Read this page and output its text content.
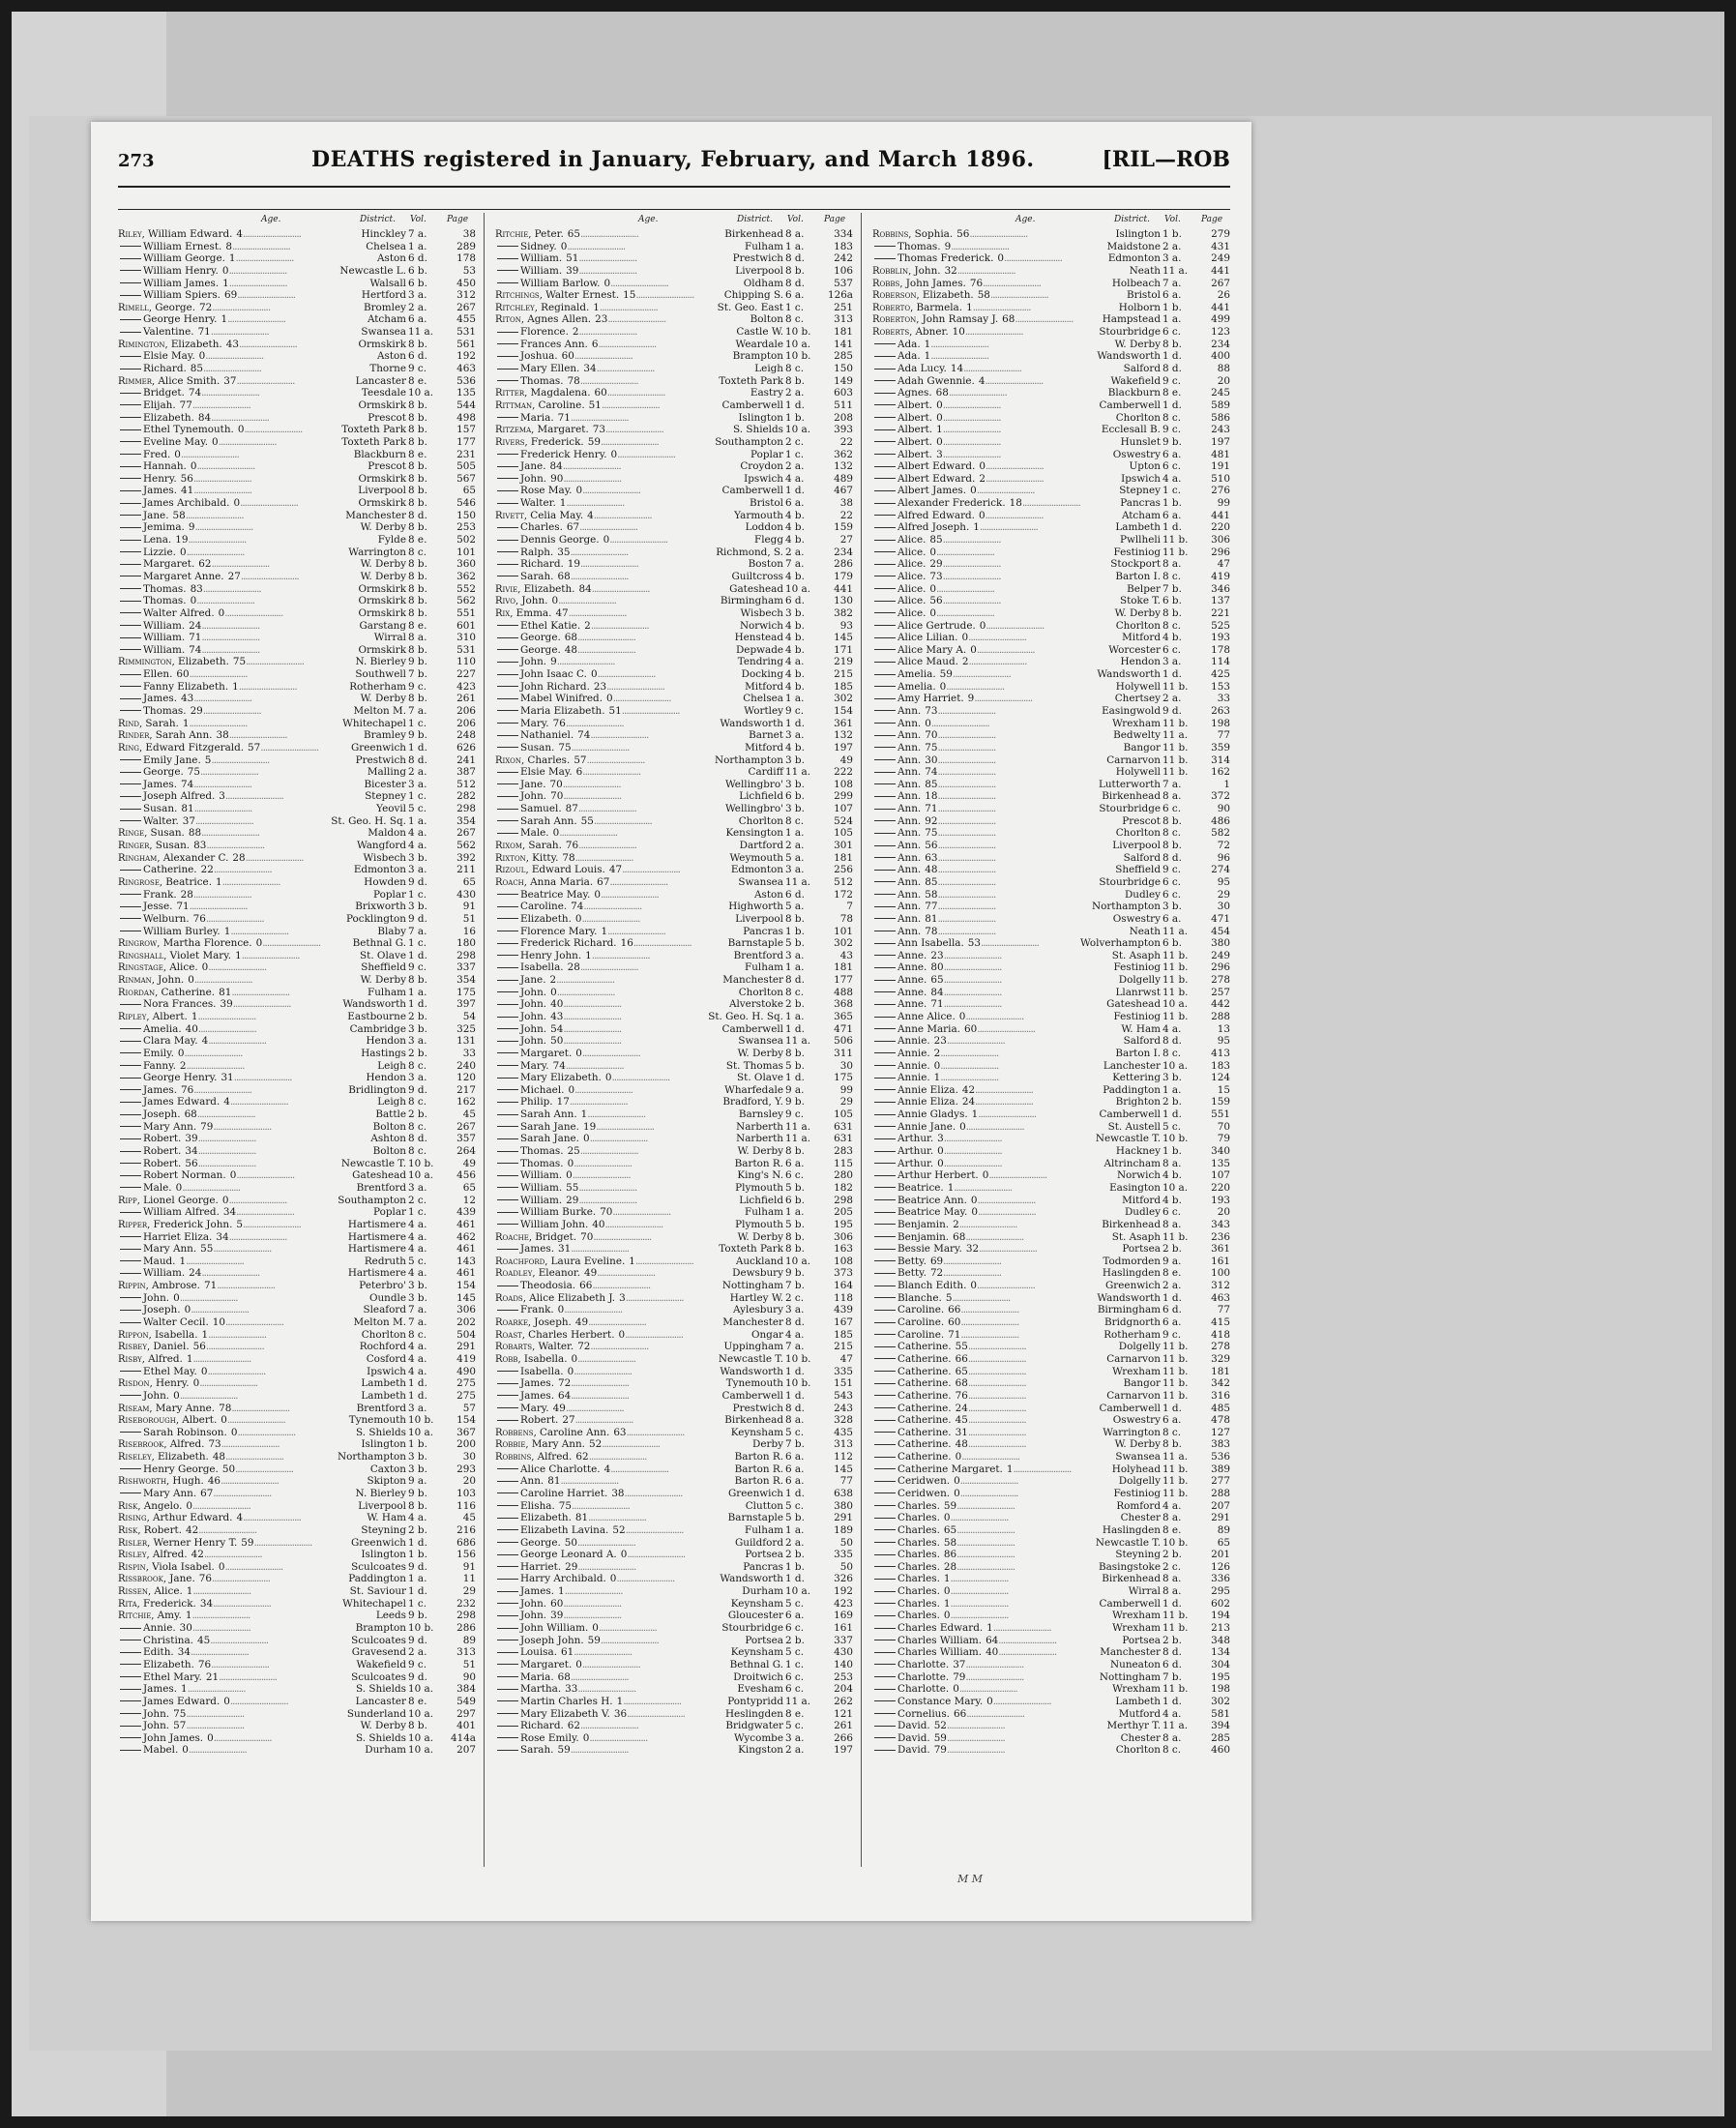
273	DEATHS registered in January, February, and March 1896.	[RIL—ROB
Age.	District. Vol. Page
Riley, William Edward. 4..........................	Hinckley 7 a.	38
William Ernest. 8..........................	Chelsea 1 a.	289
William George. 1..........................	Aston 6 d.	178
William Henry. 0..........................	Newcastle L. 6 b.	53
William James. 1..........................	Walsall 6 b.	450
William Spiers. 69..........................	Hertford 3 a.	312
Rimell, George. 72..........................	Bromley 2 a.	267
George Henry. 1..........................	Atcham 6 a.	455
Valentine. 71..........................	Swansea 11 a.	531
Rimington, Elizabeth. 43..........................	Ormskirk 8 b.	561
Elsie May. 0..........................	Aston 6 d.	192
Richard. 85..........................	Thorne 9 c.	463
Rimmer, Alice Smith. 37..........................	Lancaster 8 e.	536
Bridget. 74..........................	Teesdale 10 a.	135
Elijah. 77..........................	Ormskirk 8 b.	544
Elizabeth. 84..........................	Prescot 8 b.	498
Ethel Tynemouth. 0..........................	Toxteth Park 8 b.	157
Eveline May. 0..........................	Toxteth Park 8 b.	177
Fred. 0..........................	Blackburn 8 e.	231
Hannah. 0..........................	Prescot 8 b.	505
Henry. 56..........................	Ormskirk 8 b.	567
James. 41..........................	Liverpool 8 b.	65
James Archibald. 0..........................	Ormskirk 8 b.	546
Jane. 58..........................	Manchester 8 d.	150
Jemima. 9..........................	W. Derby 8 b.	253
Lena. 19..........................	Fylde 8 e.	502
Lizzie. 0..........................	Warrington 8 c.	101
Margaret. 62..........................	W. Derby 8 b.	360
Margaret Anne. 27..........................	W. Derby 8 b.	362
Thomas. 83..........................	Ormskirk 8 b.	552
Thomas. 0..........................	Ormskirk 8 b.	562
Walter Alfred. 0..........................	Ormskirk 8 b.	551
William. 24..........................	Garstang 8 e.	601
William. 71..........................	Wirral 8 a.	310
William. 74..........................	Ormskirk 8 b.	531
Rimmington, Elizabeth. 75..........................	N. Bierley 9 b.	110
Ellen. 60..........................	Southwell 7 b.	227
Fanny Elizabeth. 1..........................	Rotherham 9 c.	423
James. 43..........................	W. Derby 8 b.	261
Thomas. 29..........................	Melton M. 7 a.	206
Rind, Sarah. 1..........................	Whitechapel 1 c.	206
Rinder, Sarah Ann. 38..........................	Bramley 9 b.	248
Ring, Edward Fitzgerald. 57..........................	Greenwich 1 d.	626
Emily Jane. 5..........................	Prestwich 8 d.	241
George. 75..........................	Malling 2 a.	387
James. 74..........................	Bicester 3 a.	512
Joseph Alfred. 3..........................	Stepney 1 c.	282
Susan. 81..........................	Yeovil 5 c.	298
Walter. 37..........................	St. Geo. H. Sq. 1 a.	354
Ringe, Susan. 88..........................	Maldon 4 a.	267
Ringer, Susan. 83..........................	Wangford 4 a.	562
Ringham, Alexander C. 28..........................	Wisbech 3 b.	392
Catherine. 22..........................	Edmonton 3 a.	211
Ringrose, Beatrice. 1..........................	Howden 9 d.	65
Frank. 28..........................	Poplar 1 c.	430
Jesse. 71..........................	Brixworth 3 b.	91
Welburn. 76..........................	Pocklington 9 d.	51
William Burley. 1..........................	Blaby 7 a.	16
Ringrow, Martha Florence. 0..........................	Bethnal G. 1 c.	180
Ringshall, Violet Mary. 1..........................	St. Olave 1 d.	298
Ringstage, Alice. 0..........................	Sheffield 9 c.	337
Rinman, John. 0..........................	W. Derby 8 b.	354
Riordan, Catherine. 81..........................	Fulham 1 a.	175
Nora Frances. 39..........................	Wandsworth 1 d.	397
Ripley, Albert. 1..........................	Eastbourne 2 b.	54
Amelia. 40..........................	Cambridge 3 b.	325
Clara May. 4..........................	Hendon 3 a.	131
Emily. 0..........................	Hastings 2 b.	33
Fanny. 2..........................	Leigh 8 c.	240
George Henry. 31..........................	Hendon 3 a.	120
James. 76..........................	Bridlington 9 d.	217
James Edward. 4..........................	Leigh 8 c.	162
Joseph. 68..........................	Battle 2 b.	45
Mary Ann. 79..........................	Bolton 8 c.	267
Robert. 39..........................	Ashton 8 d.	357
Robert. 34..........................	Bolton 8 c.	264
Robert. 56..........................	Newcastle T. 10 b.	49
Robert Norman. 0..........................	Gateshead 10 a.	456
Male. 0..........................	Brentford 3 a.	65
Ripp, Lionel George. 0..........................	Southampton 2 c.	12
William Alfred. 34..........................	Poplar 1 c.	439
Ripper, Frederick John. 5..........................	Hartismere 4 a.	461
Harriet Eliza. 34..........................	Hartismere 4 a.	462
Mary Ann. 55..........................	Hartismere 4 a.	461
Maud. 1..........................	Redruth 5 c.	143
William. 24..........................	Hartismere 4 a.	461
Rippin, Ambrose. 71..........................	Peterbro' 3 b.	154
John. 0..........................	Oundle 3 b.	145
Joseph. 0..........................	Sleaford 7 a.	306
Walter Cecil. 10..........................	Melton M. 7 a.	202
Rippon, Isabella. 1..........................	Chorlton 8 c.	504
Risbey, Daniel. 56..........................	Rochford 4 a.	291
Risby, Alfred. 1..........................	Cosford 4 a.	419
Ethel May. 0..........................	Ipswich 4 a.	490
Risdon, Henry. 0..........................	Lambeth 1 d.	275
John. 0..........................	Lambeth 1 d.	275
Riseam, Mary Anne. 78..........................	Brentford 3 a.	57
Riseborough, Albert. 0..........................	Tynemouth 10 b.	154
Sarah Robinson. 0..........................	S. Shields 10 a.	367
Risebrook, Alfred. 73..........................	Islington 1 b.	200
Riseley, Elizabeth. 48..........................	Northampton 3 b.	30
Henry George. 50..........................	Caxton 3 b.	293
Rishworth, Hugh. 46..........................	Skipton 9 a.	20
Mary Ann. 67..........................	N. Bierley 9 b.	103
Risk, Angelo. 0..........................	Liverpool 8 b.	116
Rising, Arthur Edward. 4..........................	W. Ham 4 a.	45
Risk, Robert. 42..........................	Steyning 2 b.	216
Risler, Werner Henry T. 59..........................	Greenwich 1 d.	686
Risley, Alfred. 42..........................	Islington 1 b.	156
Rispin, Viola Isabel. 0..........................	Sculcoates 9 d.	91
Rissbrook, Jane. 76..........................	Paddington 1 a.	11
Rissen, Alice. 1..........................	St. Saviour 1 d.	29
Rita, Frederick. 34..........................	Whitechapel 1 c.	232
Ritchie, Amy. 1..........................	Leeds 9 b.	298
Annie. 30..........................	Brampton 10 b.	286
Christina. 45..........................	Sculcoates 9 d.	89
Edith. 34..........................	Gravesend 2 a.	313
Elizabeth. 76..........................	Wakefield 9 c.	51
Ethel Mary. 21..........................	Sculcoates 9 d.	90
James. 1..........................	S. Shields 10 a.	384
James Edward. 0..........................	Lancaster 8 e.	549
John. 75..........................	Sunderland 10 a.	297
John. 57..........................	W. Derby 8 b.	401
John James. 0..........................	S. Shields 10 a.	414a
Mabel. 0..........................	Durham 10 a.	207
Age.	District. Vol. Page
Ritchie, Peter. 65..........................	Birkenhead 8 a.	334
Sidney. 0..........................	Fulham 1 a.	183
William. 51..........................	Prestwich 8 d.	242
William. 39..........................	Liverpool 8 b.	106
William Barlow. 0..........................	Oldham 8 d.	537
Ritchings, Walter Ernest. 15..........................	Chipping S. 6 a.	126a
Ritchley, Reginald. 1..........................	St. Geo. East 1 c.	251
Riton, Agnes Allen. 23..........................	Bolton 8 c.	313
Florence. 2..........................	Castle W. 10 b.	181
Frances Ann. 6..........................	Weardale 10 a.	141
Joshua. 60..........................	Brampton 10 b.	285
Mary Ellen. 34..........................	Leigh 8 c.	150
Thomas. 78..........................	Toxteth Park 8 b.	149
Ritter, Magdalena. 60..........................	Eastry 2 a.	603
Rittman, Caroline. 51..........................	Camberwell 1 d.	511
Maria. 71..........................	Islington 1 b.	208
Ritzema, Margaret. 73..........................	S. Shields 10 a.	393
Rivers, Frederick. 59..........................	Southampton 2 c.	22
Frederick Henry. 0..........................	Poplar 1 c.	362
Jane. 84..........................	Croydon 2 a.	132
John. 90..........................	Ipswich 4 a.	489
Rose May. 0..........................	Camberwell 1 d.	467
Walter. 1..........................	Bristol 6 a.	38
Rivett, Celia May. 4..........................	Yarmouth 4 b.	22
Charles. 67..........................	Loddon 4 b.	159
Dennis George. 0..........................	Flegg 4 b.	27
Ralph. 35..........................	Richmond, S. 2 a.	234
Richard. 19..........................	Boston 7 a.	286
Sarah. 68..........................	Guiltcross 4 b.	179
Rivie, Elizabeth. 84..........................	Gateshead 10 a.	441
Rivo, John. 0..........................	Birmingham 6 d.	130
Rix, Emma. 47..........................	Wisbech 3 b.	382
Ethel Katie. 2..........................	Norwich 4 b.	93
George. 68..........................	Henstead 4 b.	145
George. 48..........................	Depwade 4 b.	171
John. 9..........................	Tendring 4 a.	219
John Isaac C. 0..........................	Docking 4 b.	215
John Richard. 23..........................	Mitford 4 b.	185
Mabel Winifred. 0..........................	Chelsea 1 a.	302
Maria Elizabeth. 51..........................	Wortley 9 c.	154
Mary. 76..........................	Wandsworth 1 d.	361
Nathaniel. 74..........................	Barnet 3 a.	132
Susan. 75..........................	Mitford 4 b.	197
Rixon, Charles. 57..........................	Northampton 3 b.	49
Elsie May. 6..........................	Cardiff 11 a.	222
Jane. 70..........................	Wellingbro' 3 b.	108
John. 70..........................	Lichfield 6 b.	299
Samuel. 87..........................	Wellingbro' 3 b.	107
Sarah Ann. 55..........................	Chorlton 8 c.	524
Male. 0..........................	Kensington 1 a.	105
Rixom, Sarah. 76..........................	Dartford 2 a.	301
Rixton, Kitty. 78..........................	Weymouth 5 a.	181
Rizoul, Edward Louis. 47..........................	Edmonton 3 a.	256
Roach, Anna Maria. 67..........................	Swansea 11 a.	512
Beatrice May. 0..........................	Aston 6 d.	172
Caroline. 74..........................	Highworth 5 a.	7
Elizabeth. 0..........................	Liverpool 8 b.	78
Florence Mary. 1..........................	Pancras 1 b.	101
Frederick Richard. 16..........................	Barnstaple 5 b.	302
Henry John. 1..........................	Brentford 3 a.	43
Isabella. 28..........................	Fulham 1 a.	181
Jane. 2..........................	Manchester 8 d.	177
John. 0..........................	Chorlton 8 c.	488
John. 40..........................	Alverstoke 2 b.	368
John. 43..........................	St. Geo. H. Sq. 1 a.	365
John. 54..........................	Camberwell 1 d.	471
John. 50..........................	Swansea 11 a.	506
Margaret. 0..........................	W. Derby 8 b.	311
Mary. 74..........................	St. Thomas 5 b.	30
Mary Elizabeth. 0..........................	St. Olave 1 d.	175
Michael. 0..........................	Wharfedale 9 a.	99
Philip. 17..........................	Bradford, Y. 9 b.	29
Sarah Ann. 1..........................	Barnsley 9 c.	105
Sarah Jane. 19..........................	Narberth 11 a.	631
Sarah Jane. 0..........................	Narberth 11 a.	631
Thomas. 25..........................	W. Derby 8 b.	283
Thomas. 0..........................	Barton R. 6 a.	115
William. 0..........................	King's N. 6 c.	280
William. 55..........................	Plymouth 5 b.	182
William. 29..........................	Lichfield 6 b.	298
William Burke. 70..........................	Fulham 1 a.	205
William John. 40..........................	Plymouth 5 b.	195
Roache, Bridget. 70..........................	W. Derby 8 b.	306
James. 31..........................	Toxteth Park 8 b.	163
Roachford, Laura Eveline. 1..........................	Auckland 10 a.	108
Roadley, Eleanor. 49..........................	Dewsbury 9 b.	373
Theodosia. 66..........................	Nottingham 7 b.	164
Roads, Alice Elizabeth J. 3..........................	Hartley W. 2 c.	118
Frank. 0..........................	Aylesbury 3 a.	439
Roarke, Joseph. 49..........................	Manchester 8 d.	167
Roast, Charles Herbert. 0..........................	Ongar 4 a.	185
Robarts, Walter. 72..........................	Uppingham 7 a.	215
Robb, Isabella. 0..........................	Newcastle T. 10 b.	47
Isabella. 0..........................	Wandsworth 1 d.	335
James. 72..........................	Tynemouth 10 b.	151
James. 64..........................	Camberwell 1 d.	543
Mary. 49..........................	Prestwich 8 d.	243
Robert. 27..........................	Birkenhead 8 a.	328
Robbens, Caroline Ann. 63..........................	Keynsham 5 c.	435
Robbie, Mary Ann. 52..........................	Derby 7 b.	313
Robbins, Alfred. 62..........................	Barton R. 6 a.	112
Alice Charlotte. 4..........................	Barton R. 6 a.	145
Ann. 81..........................	Barton R. 6 a.	77
Caroline Harriet. 38..........................	Greenwich 1 d.	638
Elisha. 75..........................	Clutton 5 c.	380
Elizabeth. 81..........................	Barnstaple 5 b.	291
Elizabeth Lavina. 52..........................	Fulham 1 a.	189
George. 50..........................	Guildford 2 a.	50
George Leonard A. 0..........................	Portsea 2 b.	335
Harriet. 29..........................	Pancras 1 b.	50
Harry Archibald. 0..........................	Wandsworth 1 d.	326
James. 1..........................	Durham 10 a.	192
John. 60..........................	Keynsham 5 c.	423
John. 39..........................	Gloucester 6 a.	169
John William. 0..........................	Stourbridge 6 c.	161
Joseph John. 59..........................	Portsea 2 b.	337
Louisa. 61..........................	Keynsham 5 c.	430
Margaret. 0..........................	Bethnal G. 1 c.	140
Maria. 68..........................	Droitwich 6 c.	253
Martha. 33..........................	Evesham 6 c.	204
Martin Charles H. 1..........................	Pontypridd 11 a.	262
Mary Elizabeth V. 36..........................	Heslingden 8 e.	121
Richard. 62..........................	Bridgwater 5 c.	261
Rose Emily. 0..........................	Wycombe 3 a.	266
Sarah. 59..........................	Kingston 2 a.	197
Age.	District. Vol. Page
Robbins, Sophia. 56..........................	Islington 1 b.	279
Thomas. 9..........................	Maidstone 2 a.	431
Thomas Frederick. 0..........................	Edmonton 3 a.	249
Robblin, John. 32..........................	Neath 11 a.	441
Robbs, John James. 76..........................	Holbeach 7 a.	267
Roberson, Elizabeth. 58..........................	Bristol 6 a.	26
Roberto, Barmela. 1..........................	Holborn 1 b.	441
Roberton, John Ramsay J. 68..........................	Hampstead 1 a.	499
Roberts, Abner. 10..........................	Stourbridge 6 c.	123
Ada. 1..........................	W. Derby 8 b.	234
Ada. 1..........................	Wandsworth 1 d.	400
Ada Lucy. 14..........................	Salford 8 d.	88
Adah Gwennie. 4..........................	Wakefield 9 c.	20
Agnes. 68..........................	Blackburn 8 e.	245
Albert. 0..........................	Camberwell 1 d.	589
Albert. 0..........................	Chorlton 8 c.	586
Albert. 1..........................	Ecclesall B. 9 c.	243
Albert. 0..........................	Hunslet 9 b.	197
Albert. 3..........................	Oswestry 6 a.	481
Albert Edward. 0..........................	Upton 6 c.	191
Albert Edward. 2..........................	Ipswich 4 a.	510
Albert James. 0..........................	Stepney 1 c.	276
Alexander Frederick. 18..........................	Pancras 1 b.	99
Alfred Edward. 0..........................	Atcham 6 a.	441
Alfred Joseph. 1..........................	Lambeth 1 d.	220
Alice. 85..........................	Pwllheli 11 b.	306
Alice. 0..........................	Festiniog 11 b.	296
Alice. 29..........................	Stockport 8 a.	47
Alice. 73..........................	Barton I. 8 c.	419
Alice. 0..........................	Belper 7 b.	346
Alice. 56..........................	Stoke T. 6 b.	137
Alice. 0..........................	W. Derby 8 b.	221
Alice Gertrude. 0..........................	Chorlton 8 c.	525
Alice Lilian. 0..........................	Mitford 4 b.	193
Alice Mary A. 0..........................	Worcester 6 c.	178
Alice Maud. 2..........................	Hendon 3 a.	114
Amelia. 59..........................	Wandsworth 1 d.	425
Amelia. 0..........................	Holywell 11 b.	153
Amy Harriet. 9..........................	Chertsey 2 a.	33
Ann. 73..........................	Easingwold 9 d.	263
Ann. 0..........................	Wrexham 11 b.	198
Ann. 70..........................	Bedwelty 11 a.	77
Ann. 75..........................	Bangor 11 b.	359
Ann. 30..........................	Carnarvon 11 b.	314
Ann. 74..........................	Holywell 11 b.	162
Ann. 85..........................	Lutterworth 7 a.	1
Ann. 18..........................	Birkenhead 8 a.	372
Ann. 71..........................	Stourbridge 6 c.	90
Ann. 92..........................	Prescot 8 b.	486
Ann. 75..........................	Chorlton 8 c.	582
Ann. 56..........................	Liverpool 8 b.	72
Ann. 63..........................	Salford 8 d.	96
Ann. 48..........................	Sheffield 9 c.	274
Ann. 85..........................	Stourbridge 6 c.	95
Ann. 58..........................	Dudley 6 c.	29
Ann. 77..........................	Northampton 3 b.	30
Ann. 81..........................	Oswestry 6 a.	471
Ann. 78..........................	Neath 11 a.	454
Ann Isabella. 53..........................	Wolverhampton 6 b.	380
Anne. 23..........................	St. Asaph 11 b.	249
Anne. 80..........................	Festiniog 11 b.	296
Anne. 65..........................	Dolgelly 11 b.	278
Anne. 84..........................	Llanrwst 11 b.	257
Anne. 71..........................	Gateshead 10 a.	442
Anne Alice. 0..........................	Festiniog 11 b.	288
Anne Maria. 60..........................	W. Ham 4 a.	13
Annie. 23..........................	Salford 8 d.	95
Annie. 2..........................	Barton I. 8 c.	413
Annie. 0..........................	Lanchester 10 a.	183
Annie. 1..........................	Kettering 3 b.	124
Annie Eliza. 42..........................	Paddington 1 a.	15
Annie Eliza. 24..........................	Brighton 2 b.	159
Annie Gladys. 1..........................	Camberwell 1 d.	551
Annie Jane. 0..........................	St. Austell 5 c.	70
Arthur. 3..........................	Newcastle T. 10 b.	79
Arthur. 0..........................	Hackney 1 b.	340
Arthur. 0..........................	Altrincham 8 a.	135
Arthur Herbert. 0..........................	Norwich 4 b.	107
Beatrice. 1..........................	Easington 10 a.	220
Beatrice Ann. 0..........................	Mitford 4 b.	193
Beatrice May. 0..........................	Dudley 6 c.	20
Benjamin. 2..........................	Birkenhead 8 a.	343
Benjamin. 68..........................	St. Asaph 11 b.	236
Bessie Mary. 32..........................	Portsea 2 b.	361
Betty. 69..........................	Todmorden 9 a.	161
Betty. 72..........................	Haslingden 8 e.	100
Blanch Edith. 0..........................	Greenwich 2 a.	312
Blanche. 5..........................	Wandsworth 1 d.	463
Caroline. 66..........................	Birmingham 6 d.	77
Caroline. 60..........................	Bridgnorth 6 a.	415
Caroline. 71..........................	Rotherham 9 c.	418
Catherine. 55..........................	Dolgelly 11 b.	278
Catherine. 66..........................	Carnarvon 11 b.	329
Catherine. 65..........................	Wrexham 11 b.	181
Catherine. 68..........................	Bangor 11 b.	342
Catherine. 76..........................	Carnarvon 11 b.	316
Catherine. 24..........................	Camberwell 1 d.	485
Catherine. 45..........................	Oswestry 6 a.	478
Catherine. 31..........................	Warrington 8 c.	127
Catherine. 48..........................	W. Derby 8 b.	383
Catherine. 0..........................	Swansea 11 a.	536
Catherine Margaret. 1..........................	Holyhead 11 b.	389
Ceridwen. 0..........................	Dolgelly 11 b.	277
Ceridwen. 0..........................	Festiniog 11 b.	288
Charles. 59..........................	Romford 4 a.	207
Charles. 0..........................	Chester 8 a.	291
Charles. 65..........................	Haslingden 8 e.	89
Charles. 58..........................	Newcastle T. 10 b.	65
Charles. 86..........................	Steyning 2 b.	201
Charles. 28..........................	Basingstoke 2 c.	126
Charles. 1..........................	Birkenhead 8 a.	336
Charles. 0..........................	Wirral 8 a.	295
Charles. 1..........................	Camberwell 1 d.	602
Charles. 0..........................	Wrexham 11 b.	194
Charles Edward. 1..........................	Wrexham 11 b.	213
Charles William. 64..........................	Portsea 2 b.	348
Charles William. 40..........................	Manchester 8 d.	134
Charlotte. 37..........................	Nuneaton 6 d.	304
Charlotte. 79..........................	Nottingham 7 b.	195
Charlotte. 0..........................	Wrexham 11 b.	198
Constance Mary. 0..........................	Lambeth 1 d.	302
Cornelius. 66..........................	Mutford 4 a.	581
David. 52..........................	Merthyr T. 11 a.	394
David. 59..........................	Chester 8 a.	285
David. 79..........................	Chorlton 8 c.	460
M M
